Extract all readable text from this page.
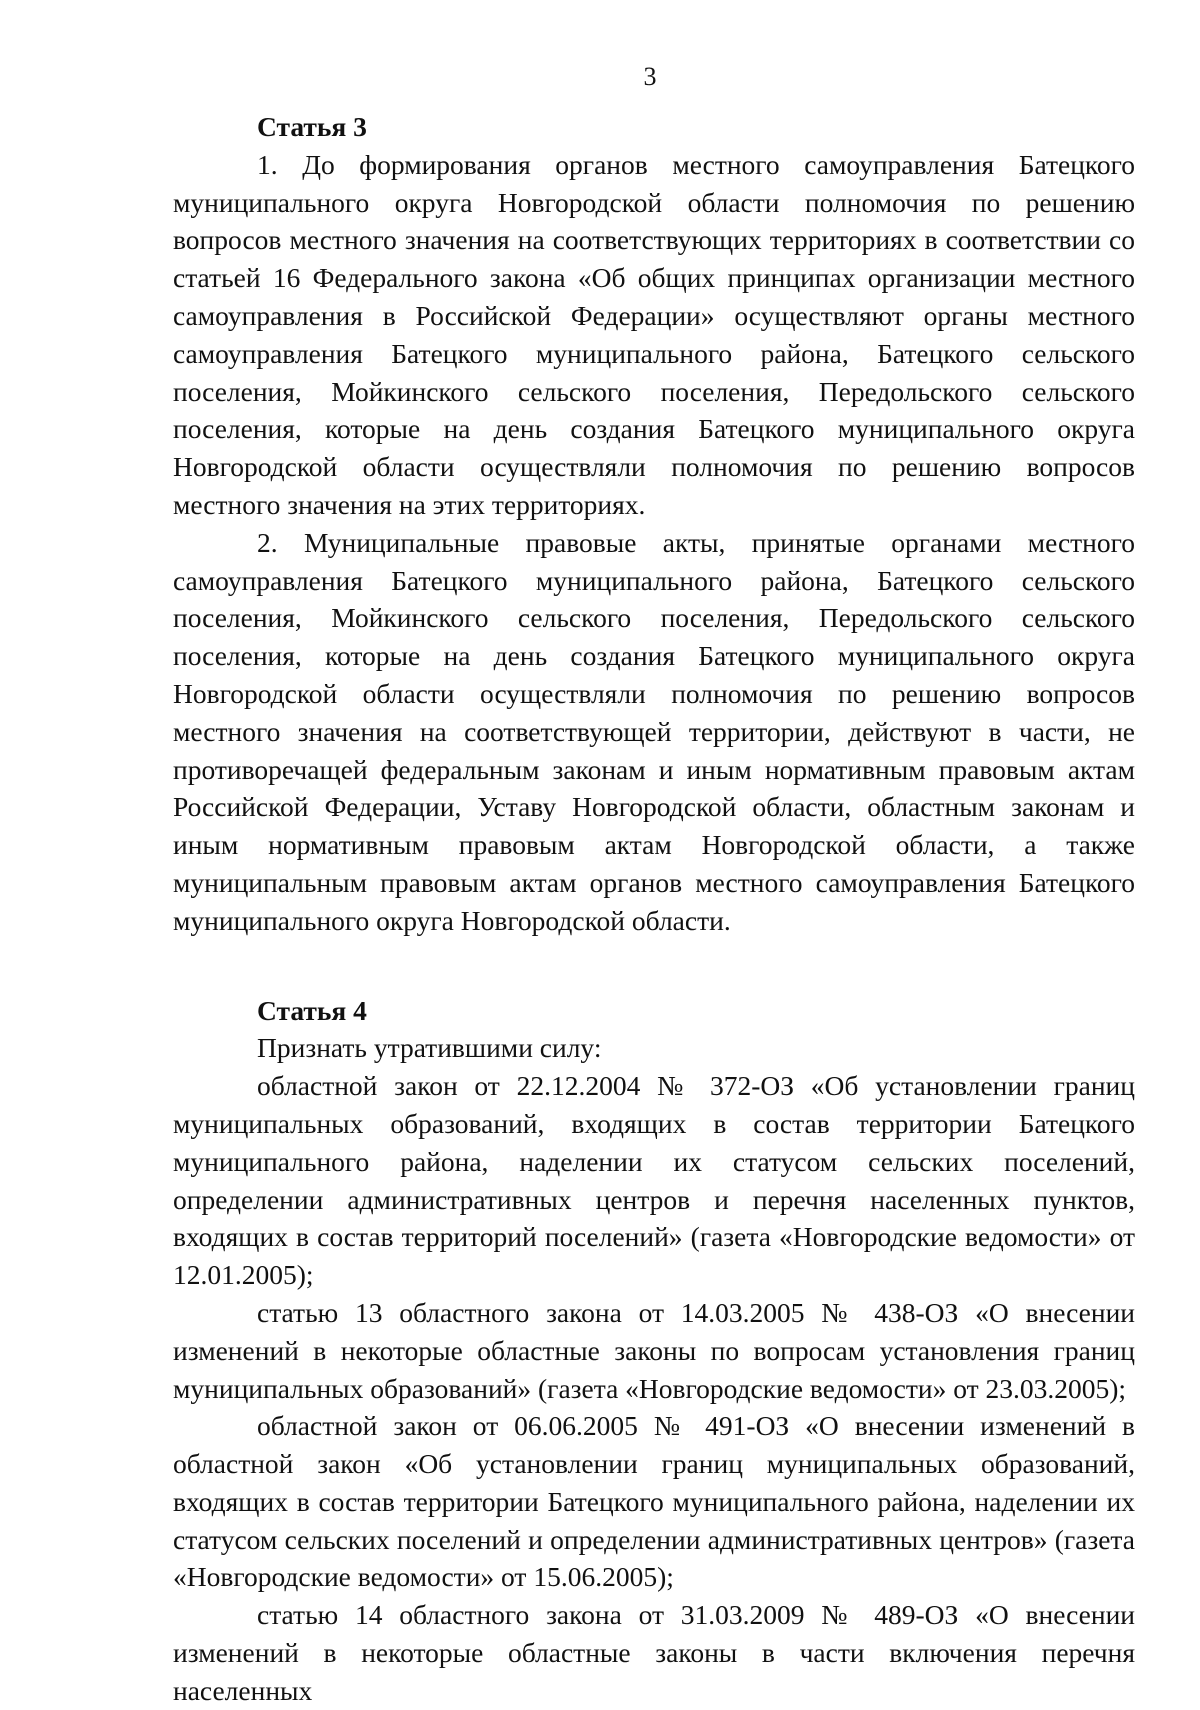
3

Статья 3

1. До формирования органов местного самоуправления Батецкого муниципального округа Новгородской области полномочия по решению вопросов местного значения на соответствующих территориях в соответствии со статьей 16 Федерального закона «Об общих принципах организации местного самоуправления в Российской Федерации» осуществляют органы местного самоуправления Батецкого муниципального района, Батецкого сельского поселения, Мойкинского сельского поселения, Передольского сельского поселения, которые на день создания Батецкого муниципального округа Новгородской области осуществляли полномочия по решению вопросов местного значения на этих территориях.

2. Муниципальные правовые акты, принятые органами местного самоуправления Батецкого муниципального района, Батецкого сельского поселения, Мойкинского сельского поселения, Передольского сельского поселения, которые на день создания Батецкого муниципального округа Новгородской области осуществляли полномочия по решению вопросов местного значения на соответствующей территории, действуют в части, не противоречащей федеральным законам и иным нормативным правовым актам Российской Федерации, Уставу Новгородской области, областным законам и иным нормативным правовым актам Новгородской области, а также муниципальным правовым актам органов местного самоуправления Батецкого муниципального округа Новгородской области.

Статья 4

Признать утратившими силу:

областной закон от 22.12.2004 № 372-ОЗ «Об установлении границ муниципальных образований, входящих в состав территории Батецкого муниципального района, наделении их статусом сельских поселений, определении административных центров и перечня населенных пунктов, входящих в состав территорий поселений» (газета «Новгородские ведомости» от 12.01.2005);

статью 13 областного закона от 14.03.2005 № 438-ОЗ «О внесении изменений в некоторые областные законы по вопросам установления границ муниципальных образований» (газета «Новгородские ведомости» от 23.03.2005);

областной закон от 06.06.2005 № 491-ОЗ «О внесении изменений в областной закон «Об установлении границ муниципальных образований, входящих в состав территории Батецкого муниципального района, наделении их статусом сельских поселений и определении административных центров» (газета «Новгородские ведомости» от 15.06.2005);

статью 14 областного закона от 31.03.2009 № 489-ОЗ «О внесении изменений в некоторые областные законы в части включения перечня населенных
